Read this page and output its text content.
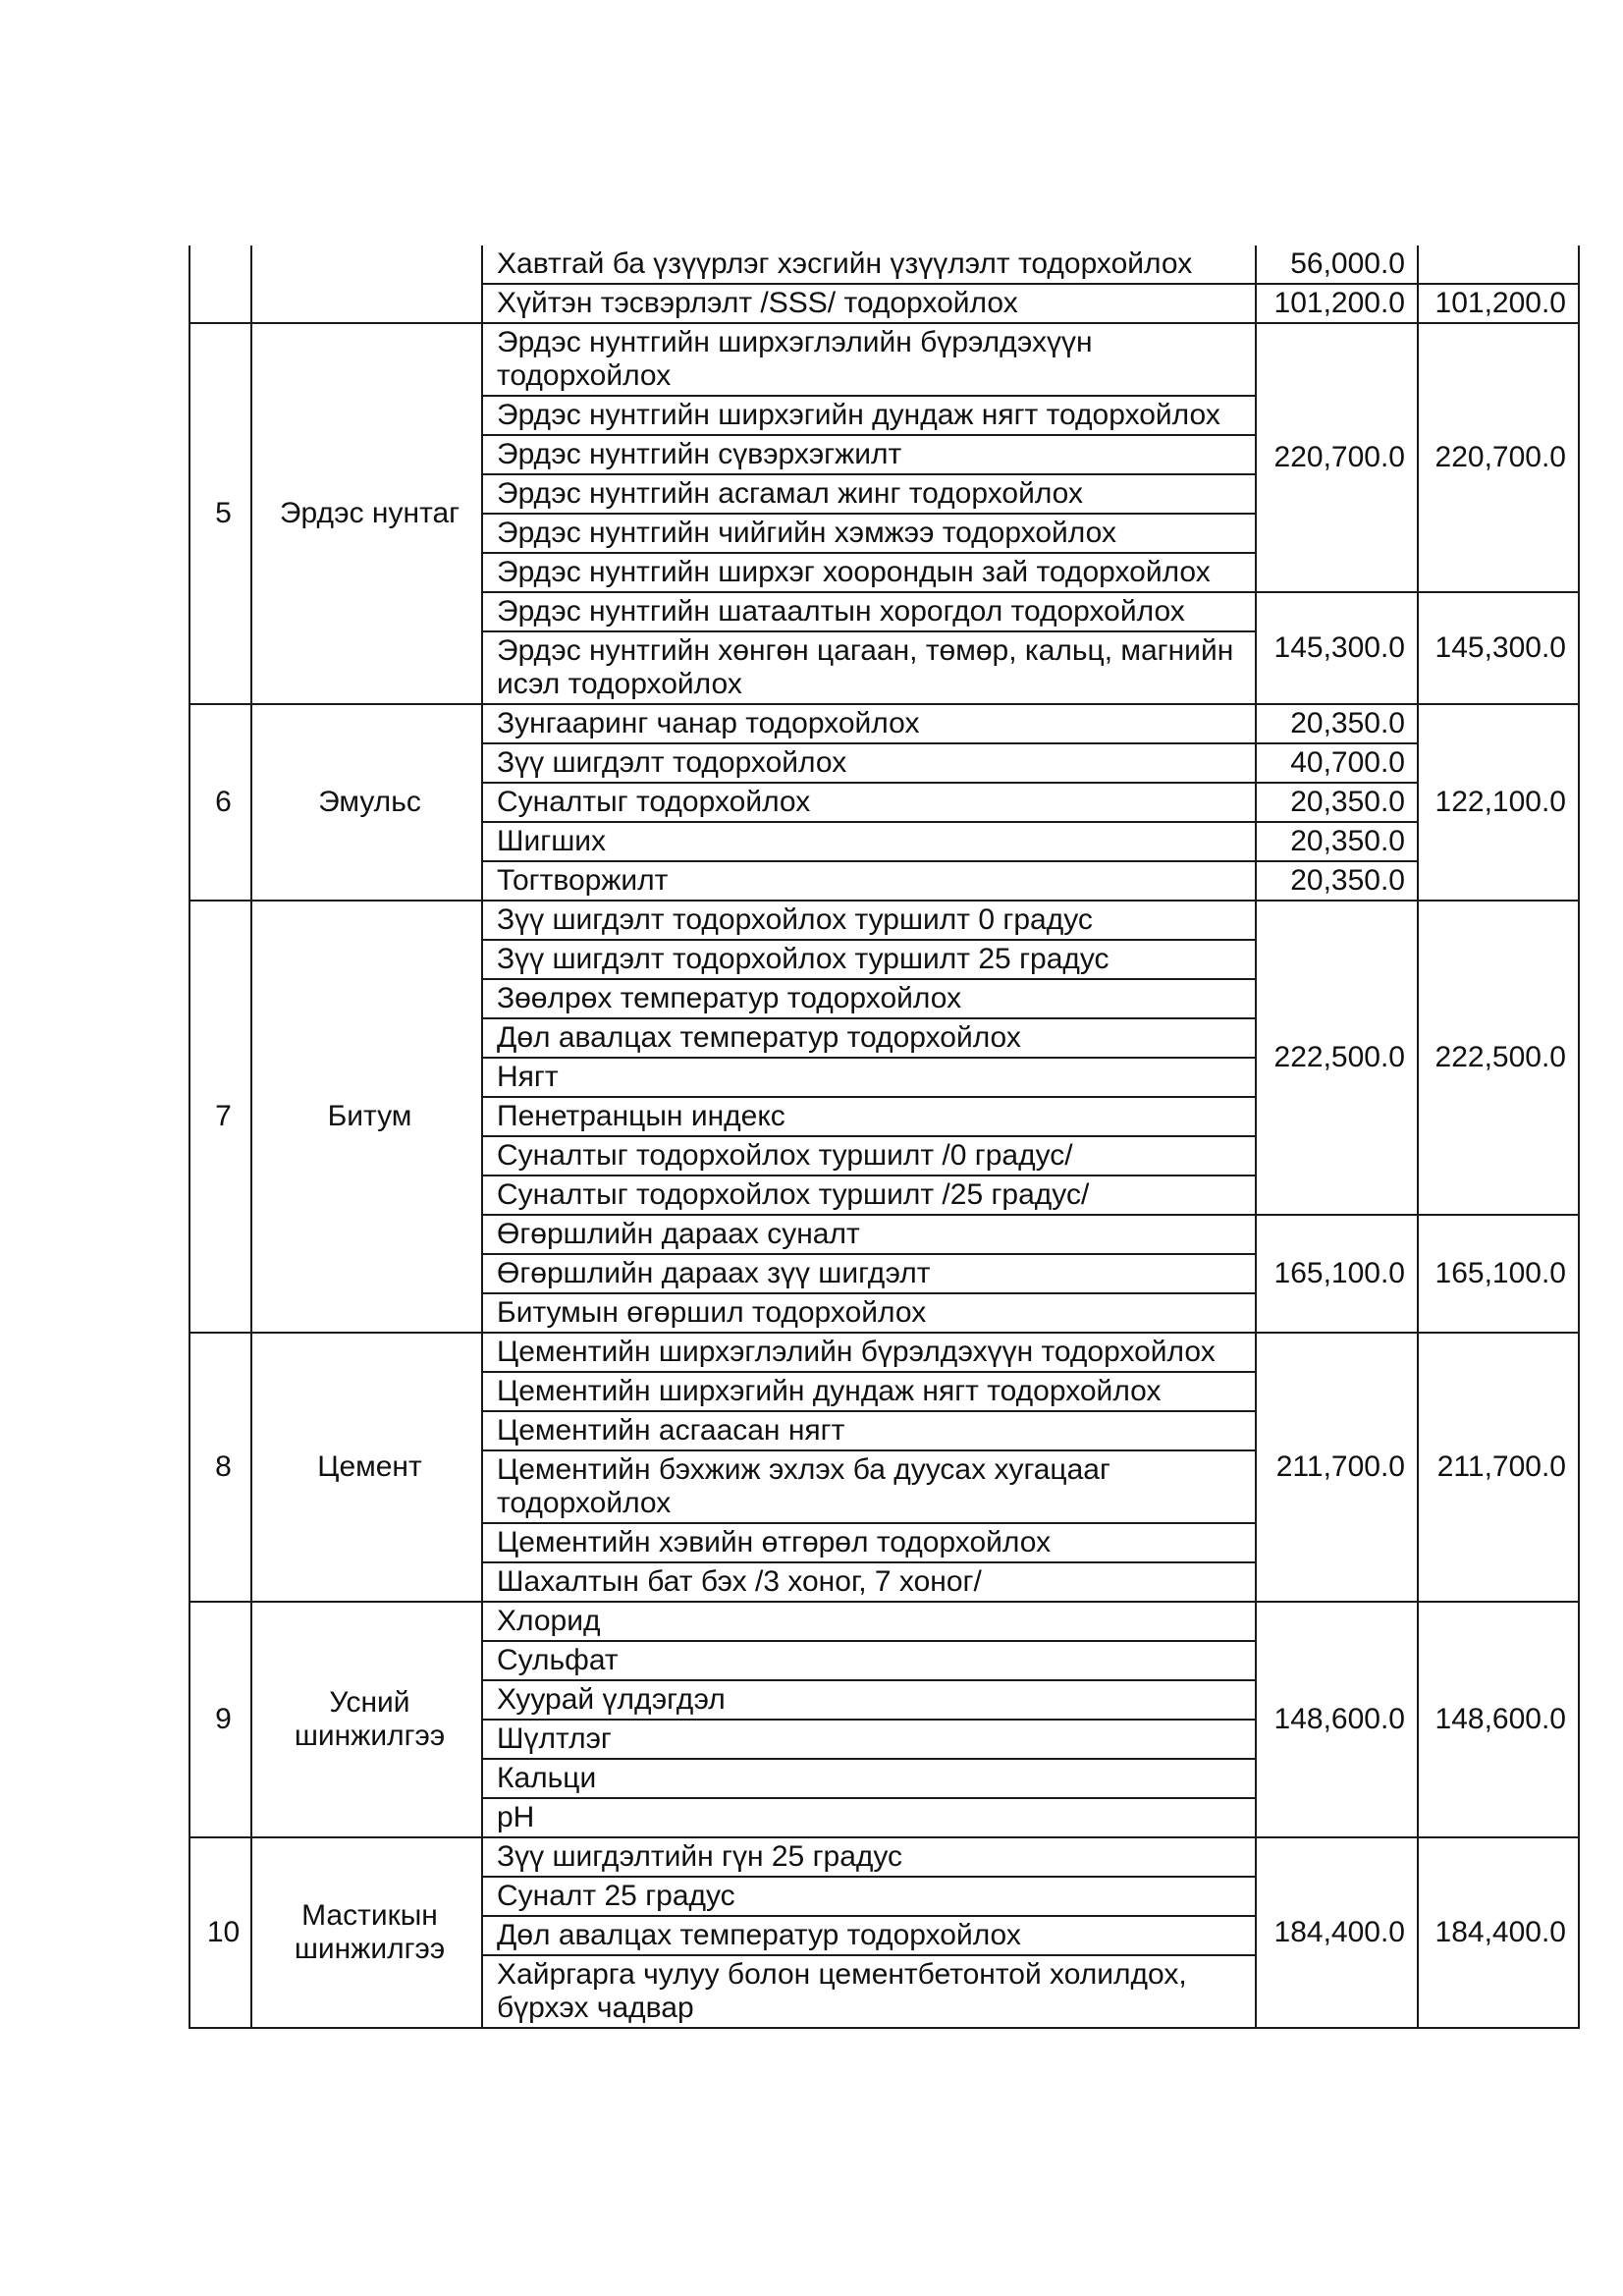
		Хавтгай ба үзүүрлэг хэсгийн үзүүлэлт тодорхойлох	56,000.0	
		Хүйтэн тэсвэрлэлт /SSS/ тодорхойлох	101,200.0	101,200.0
5	Эрдэс нунтаг	Эрдэс нунтгийн ширхэглэлийн бүрэлдэхүүн тодорхойлох	220,700.0	220,700.0
		Эрдэс нунтгийн ширхэгийн дундаж нягт тодорхойлох		
		Эрдэс нунтгийн сүвэрхэгжилт		
		Эрдэс нунтгийн асгамал жинг тодорхойлох		
		Эрдэс нунтгийн чийгийн хэмжээ тодорхойлох		
		Эрдэс нунтгийн ширхэг хоорондын зай тодорхойлох		
		Эрдэс нунтгийн шатаалтын хорогдол тодорхойлох	145,300.0	145,300.0
		Эрдэс нунтгийн хөнгөн цагаан, төмөр, кальц, магнийн исэл тодорхойлох		
6	Эмульс	Зунгааринг чанар тодорхойлох	20,350.0	122,100.0
		Зүү шигдэлт тодорхойлох	40,700.0	
		Суналтыг тодорхойлох	20,350.0	
		Шигших	20,350.0	
		Тогтворжилт	20,350.0	
7	Битум	Зүү шигдэлт тодорхойлох туршилт 0 градус	222,500.0	222,500.0
		Зүү шигдэлт тодорхойлох туршилт 25 градус		
		Зөөлрөх температур тодорхойлох		
		Дөл авалцах температур тодорхойлох		
		Нягт		
		Пенетранцын индекс		
		Суналтыг тодорхойлох туршилт /0 градус/		
		Суналтыг тодорхойлох туршилт /25 градус/		
		Өгөршлийн дараах суналт	165,100.0	165,100.0
		Өгөршлийн дараах зүү шигдэлт		
		Битумын өгөршил тодорхойлох		
8	Цемент	Цементийн ширхэглэлийн бүрэлдэхүүн тодорхойлох	211,700.0	211,700.0
		Цементийн ширхэгийн дундаж нягт тодорхойлох		
		Цементийн асгаасан нягт		
		Цементийн бэхжиж эхлэх ба дуусах хугацааг тодорхойлох		
		Цементийн хэвийн өтгөрөл тодорхойлох		
		Шахалтын бат бэх /3 хоног, 7 хоног/		
9	Усний шинжилгээ	Хлорид	148,600.0	148,600.0
		Сульфат		
		Хуурай үлдэгдэл		
		Шүлтлэг		
		Кальци		
		pH		
10	Мастикын шинжилгээ	Зүү шигдэлтийн гүн 25 градус	184,400.0	184,400.0
		Суналт 25 градус		
		Дөл авалцах температур тодорхойлох		
		Хайргарга чулуу болон цементбетонтой холилдох, бүрхэх чадвар		
